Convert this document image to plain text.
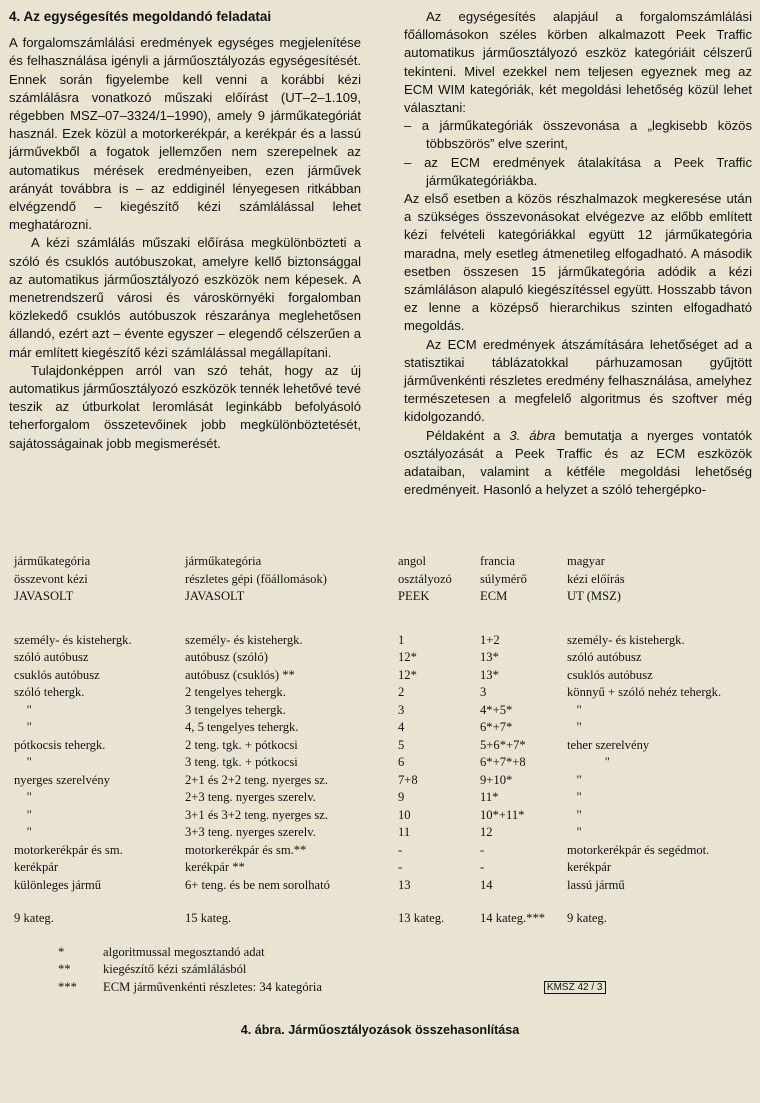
4. Az egységesítés megoldandó feladatai

A forgalomszámlálási eredmények egységes megjelenítése és felhasználása igényli a járműosztályozás egységesítését. Ennek során figyelembe kell venni a korábbi kézi számlálásra vonatkozó műszaki előírást (UT–2–1.109, régebben MSZ–07–3324/1–1990), amely 9 járműkategóriát használ. Ezek közül a motorkerékpár, a kerékpár és a lassú járművekből a fogatok jellemzően nem szerepelnek az automatikus mérések eredményeiben, ezen járművek arányát továbbra is – az eddiginél lényegesen ritkábban elvégzendő – kiegészítő kézi számlálással lehet meghatározni.

A kézi számlálás műszaki előírása megkülönbözteti a szóló és csuklós autóbuszokat, amelyre kellő biztonsággal az automatikus járműosztályozó eszközök nem képesek. A menetrendszerű városi és városkörnyéki forgalomban közlekedő csuklós autóbuszok részaránya meglehetősen állandó, ezért azt – évente egyszer – elegendő célszerűen a már említett kiegészítő kézi számlálással megállapítani.

Tulajdonképpen arról van szó tehát, hogy az új automatikus járműosztályozó eszközök tennék lehetővé tevé teszik az útburkolat leromlását leginkább befolyásoló teherforgalom összetevőinek jobb megkülönböztetését, sajátosságainak jobb megismerését.

Az egységesítés alapjául a forgalomszámlálási főállomásokon széles körben alkalmazott Peek Traffic automatikus járműosztályozó eszköz kategóriáit célszerű tekinteni. Mivel ezekkel nem teljesen egyeznek meg az ECM WIM kategóriák, két megoldási lehetőség közül lehet választani:

– a járműkategóriák összevonása a „legkisebb közös többszörös” elve szerint,

– az ECM eredmények átalakítása a Peek Traffic járműkategóriákba.

Az első esetben a közös részhalmazok megkeresése után a szükséges összevonásokat elvégezve az előbb említett kézi felvételi kategóriákkal együtt 12 járműkategória maradna, mely esetleg átmenetileg elfogadható. A második esetben összesen 15 járműkategória adódik a kézi számláláson alapuló kiegészítéssel együtt. Hosszabb távon ez lenne a középső hierarchikus szinten elfogadható megoldás.

Az ECM eredmények átszámítására lehetőséget ad a statisztikai táblázatokkal párhuzamosan gyűjtött járművenkénti részletes eredmény felhasználása, amelyhez természetesen a megfelelő algoritmus és szoftver még kidolgozandó.

Példaként a 3. ábra bemutatja a nyerges vontatók osztályozását a Peek Traffic és az ECM eszközök adataiban, valamint a kétféle megoldási lehetőség eredményeit. Hasonló a helyzet a szóló tehergépko-

járműkategória	járműkategória	angol	francia	magyar
összevont kézi	részletes gépi (főállomások)	osztályozó	súlymérő	kézi előírás
JAVASOLT	JAVASOLT	PEEK	ECM	UT (MSZ)
személy- és kistehergk.	személy- és kistehergk.	1	1+2	személy- és kistehergk.
szóló autóbusz	autóbusz (szóló)	12*	13*	szóló autóbusz
csuklós autóbusz	autóbusz (csuklós) **	12*	13*	csuklós autóbusz
szóló tehergk.	2 tengelyes tehergk.	2	3	könnyű + szóló nehéz tehergk.
"	3 tengelyes tehergk.	3	4*+5*	"
"	4, 5 tengelyes tehergk.	4	6*+7*	"
pótkocsis tehergk.	2 teng. tgk. + pótkocsi	5	5+6*+7*	teher szerelvény
"	3 teng. tgk. + pótkocsi	6	6*+7*+8	"
nyerges szerelvény	2+1 és 2+2 teng. nyerges sz.	7+8	9+10*	"
"	2+3 teng. nyerges szerelv.	9	11*	"
"	3+1 és 3+2 teng. nyerges sz.	10	10*+11*	"
"	3+3 teng. nyerges szerelv.	11	12	"
motorkerékpár és sm.	motorkerékpár és sm.**	-	-	motorkerékpár és segédmot.
kerékpár	kerékpár **	-	-	kerékpár
különleges jármű	6+ teng. és be nem sorolható	13	14	lassú jármű
9 kateg.	15 kateg.	13 kateg.	14 kateg.***	9 kateg.
*	algoritmussal megosztandó adat
**	kiegészítő kézi számlálásból
***	ECM járművenkénti részletes: 34 kategória	KMSZ 42 / 3
4. ábra. Járműosztályozások összehasonlítása
